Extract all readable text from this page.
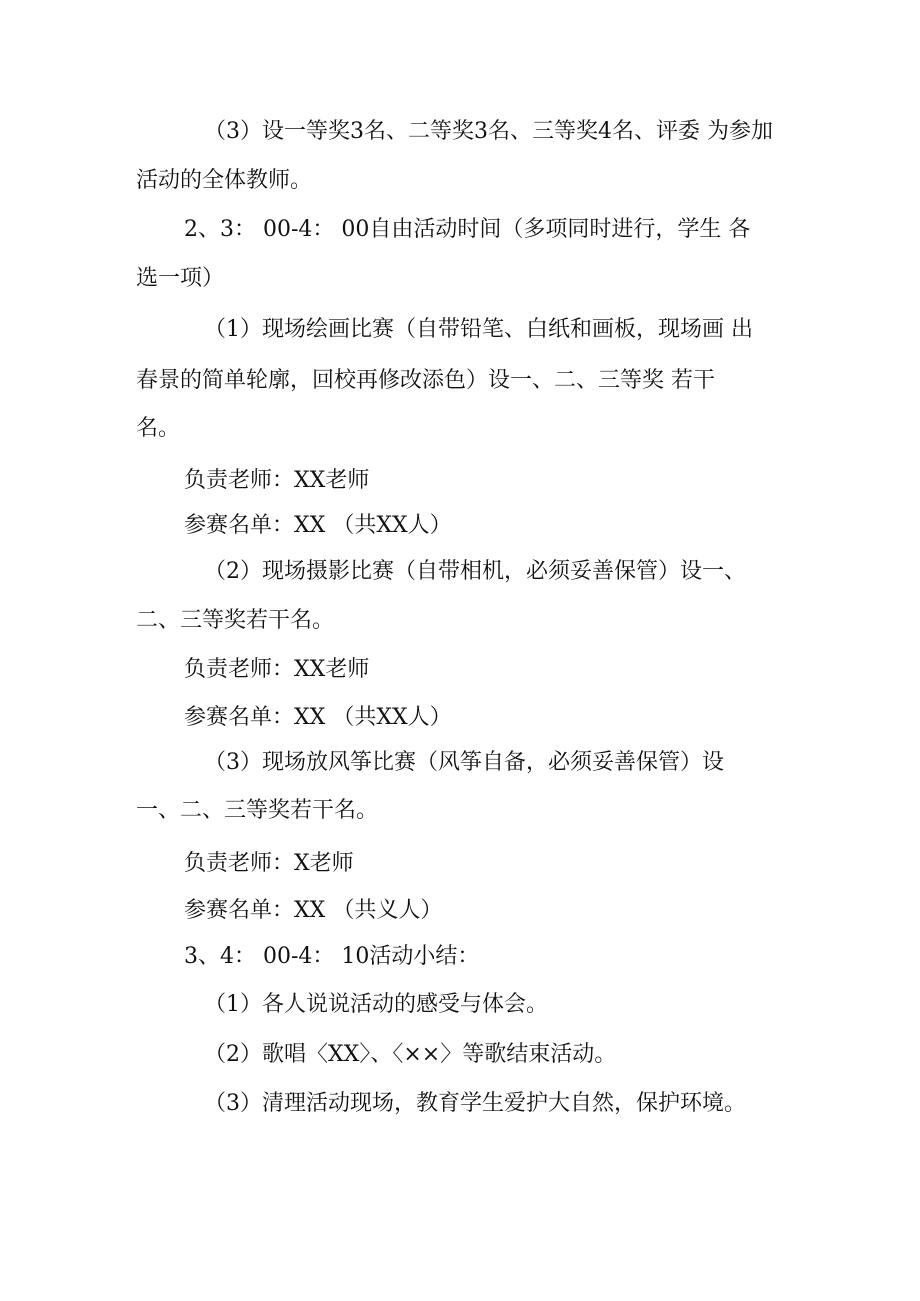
（3）设一等奖3名、二等奖3名、三等奖4名、评委 为参加
活动的全体教师。
2、3： 00-4： 00自由活动时间（多项同时进行，学生 各
选一项）
（1）现场绘画比赛（自带铅笔、白纸和画板，现场画 出
春景的简单轮廓，回校再修改添色）设一、二、三等奖 若干
名。
负责老师：XX老师
参赛名单：XX （共XX人）
（2）现场摄影比赛（自带相机，必须妥善保管）设一、
二、三等奖若干名。
负责老师：XX老师
参赛名单：XX （共XX人）
（3）现场放风筝比赛（风筝自备，必须妥善保管）设
一、二、三等奖若干名。
负责老师：X老师
参赛名单：XX （共义人）
3、4： 00-4： 10活动小结：
（1）各人说说活动的感受与体会。
（2）歌唱〈XX〉、〈××〉等歌结束活动。
（3）清理活动现场，教育学生爱护大自然，保护环境。
